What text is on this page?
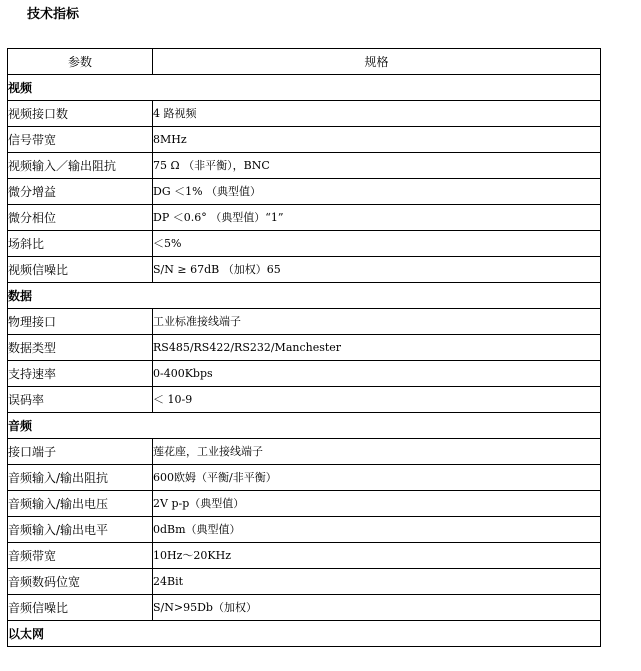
技术指标
参数	规格
视频	
视频接口数	4 路视频
信号带宽	8MHz
视频输入／输出阻抗	75 Ω （非平衡），BNC
微分增益	DG ＜1% （典型值）
微分相位	DP ＜0.6° （典型值）“1”
场斜比	＜5%
视频信噪比	S/N ≥ 67dB （加权）65
数据	
物理接口	工业标准接线端子
数据类型	RS485/RS422/RS232/Manchester
支持速率	0-400Kbps
误码率	＜ 10-9
音频	
接口端子	莲花座，工业接线端子
音频输入/输出阻抗	600欧姆（平衡/非平衡）
音频输入/输出电压	2V p-p（典型值）
音频输入/输出电平	0dBm（典型值）
音频带宽	10Hz～20KHz
音频数码位宽	24Bit
音频信噪比	S/N>95Db（加权）
以太网	
